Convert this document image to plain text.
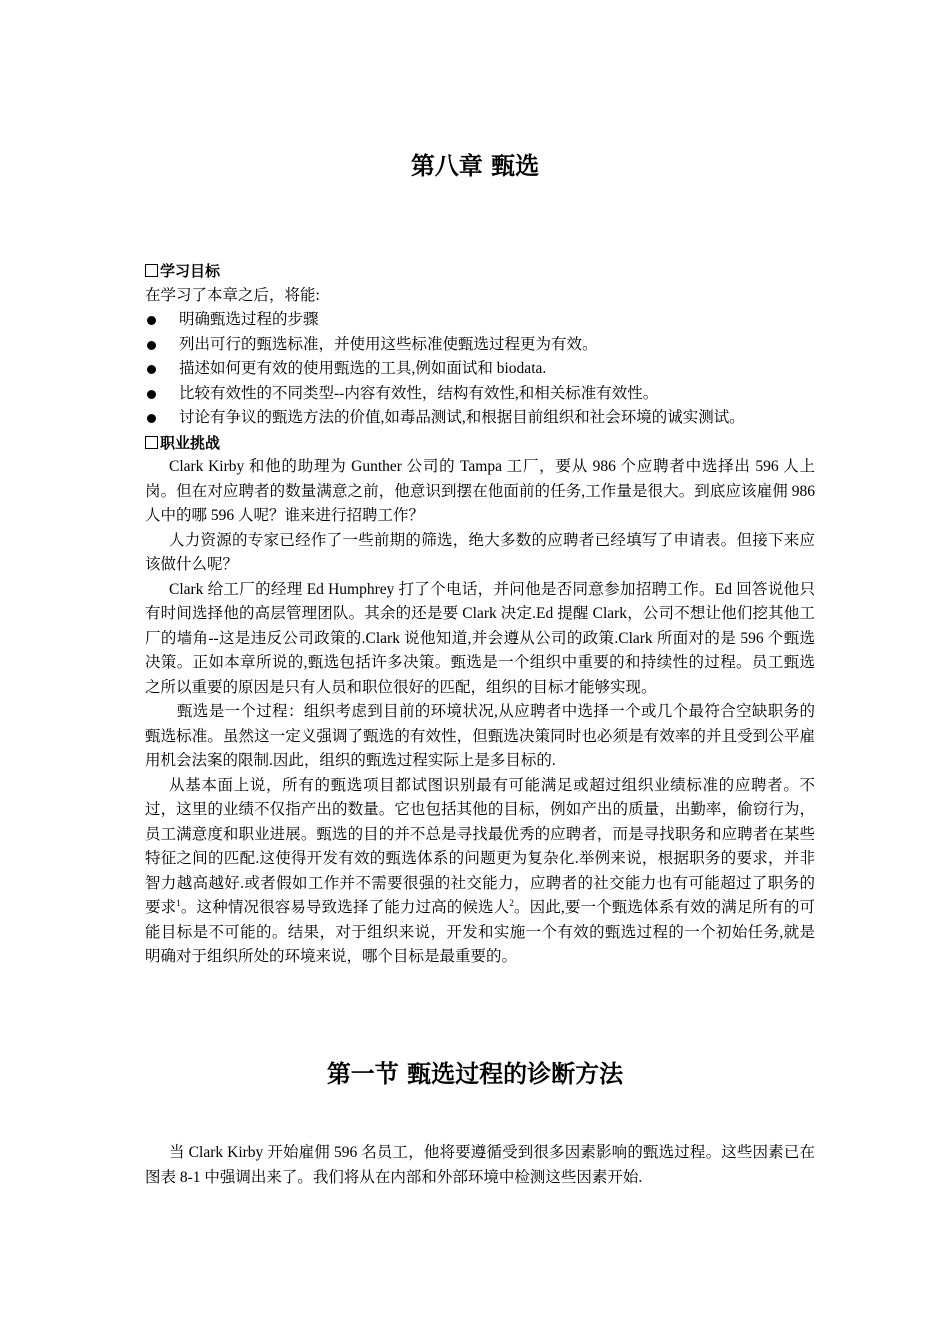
第八章 甄选

学习目标

在学习了本章之后，将能:

明确甄选过程的步骤
列出可行的甄选标准，并使用这些标准使甄选过程更为有效。
描述如何更有效的使用甄选的工具,例如面试和 biodata.
比较有效性的不同类型--内容有效性，结构有效性,和相关标准有效性。
讨论有争议的甄选方法的价值,如毒品测试,和根据目前组织和社会环境的诚实测试。

职业挑战

Clark Kirby 和他的助理为 Gunther 公司的 Tampa 工厂，要从 986 个应聘者中选择出 596 人上岗。但在对应聘者的数量满意之前，他意识到摆在他面前的任务,工作量是很大。到底应该雇佣 986 人中的哪 596 人呢？谁来进行招聘工作？

人力资源的专家已经作了一些前期的筛选，绝大多数的应聘者已经填写了申请表。但接下来应该做什么呢？

Clark 给工厂的经理 Ed Humphrey 打了个电话，并问他是否同意参加招聘工作。Ed 回答说他只有时间选择他的高层管理团队。其余的还是要 Clark 决定.Ed 提醒 Clark，公司不想让他们挖其他工厂的墙角--这是违反公司政策的.Clark 说他知道,并会遵从公司的政策.Clark 所面对的是 596 个甄选决策。正如本章所说的,甄选包括许多决策。甄选是一个组织中重要的和持续性的过程。员工甄选之所以重要的原因是只有人员和职位很好的匹配，组织的目标才能够实现。

甄选是一个过程：组织考虑到目前的环境状况,从应聘者中选择一个或几个最符合空缺职务的甄选标准。虽然这一定义强调了甄选的有效性，但甄选决策同时也必须是有效率的并且受到公平雇用机会法案的限制.因此，组织的甄选过程实际上是多目标的.

从基本面上说，所有的甄选项目都试图识别最有可能满足或超过组织业绩标准的应聘者。不过，这里的业绩不仅指产出的数量。它也包括其他的目标，例如产出的质量，出勤率，偷窃行为，员工满意度和职业进展。甄选的目的并不总是寻找最优秀的应聘者，而是寻找职务和应聘者在某些特征之间的匹配.这使得开发有效的甄选体系的问题更为复杂化.举例来说，根据职务的要求，并非智力越高越好.或者假如工作并不需要很强的社交能力，应聘者的社交能力也有可能超过了职务的要求$^1$。这种情况很容易导致选择了能力过高的候选人$^2$。因此,要一个甄选体系有效的满足所有的可能目标是不可能的。结果，对于组织来说，开发和实施一个有效的甄选过程的一个初始任务,就是明确对于组织所处的环境来说，哪个目标是最重要的。

第一节 甄选过程的诊断方法

当 Clark Kirby 开始雇佣 596 名员工，他将要遵循受到很多因素影响的甄选过程。这些因素已在图表 8-1 中强调出来了。我们将从在内部和外部环境中检测这些因素开始.
